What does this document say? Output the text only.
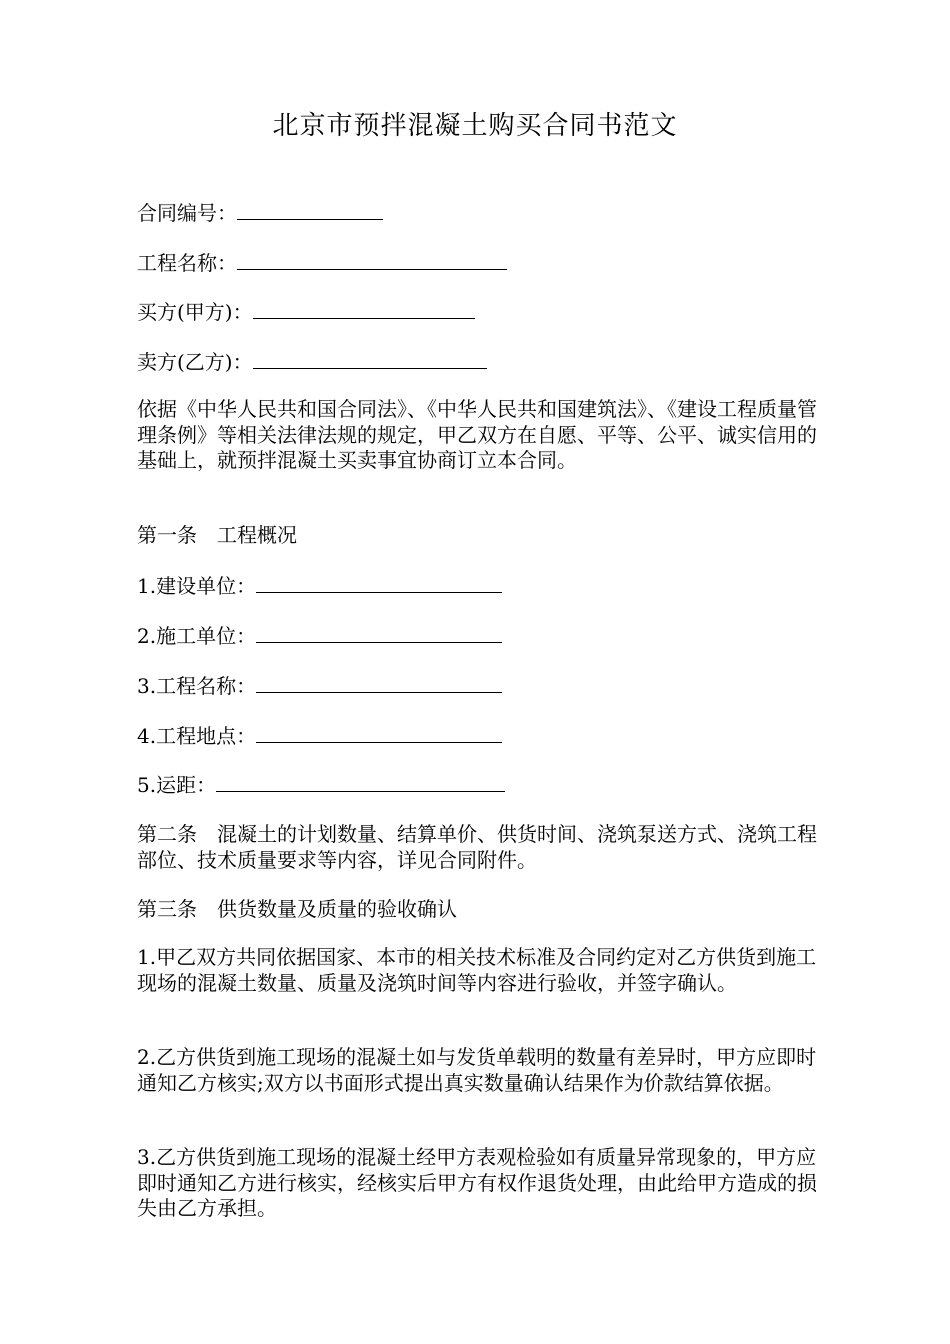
北京市预拌混凝土购买合同书范文
合同编号：
工程名称：
买方(甲方)：
卖方(乙方)：
依据《中华人民共和国合同法》、《中华人民共和国建筑法》、《建设工程质量管理条例》等相关法律法规的规定，甲乙双方在自愿、平等、公平、诚实信用的基础上，就预拌混凝土买卖事宜协商订立本合同。
第一条　工程概况
1.建设单位：
2.施工单位：
3.工程名称：
4.工程地点：
5.运距：
第二条　混凝土的计划数量、结算单价、供货时间、浇筑泵送方式、浇筑工程部位、技术质量要求等内容，详见合同附件。
第三条　供货数量及质量的验收确认
1.甲乙双方共同依据国家、本市的相关技术标准及合同约定对乙方供货到施工现场的混凝土数量、质量及浇筑时间等内容进行验收，并签字确认。
2.乙方供货到施工现场的混凝土如与发货单载明的数量有差异时，甲方应即时通知乙方核实;双方以书面形式提出真实数量确认结果作为价款结算依据。
3.乙方供货到施工现场的混凝土经甲方表观检验如有质量异常现象的，甲方应即时通知乙方进行核实，经核实后甲方有权作退货处理，由此给甲方造成的损失由乙方承担。
